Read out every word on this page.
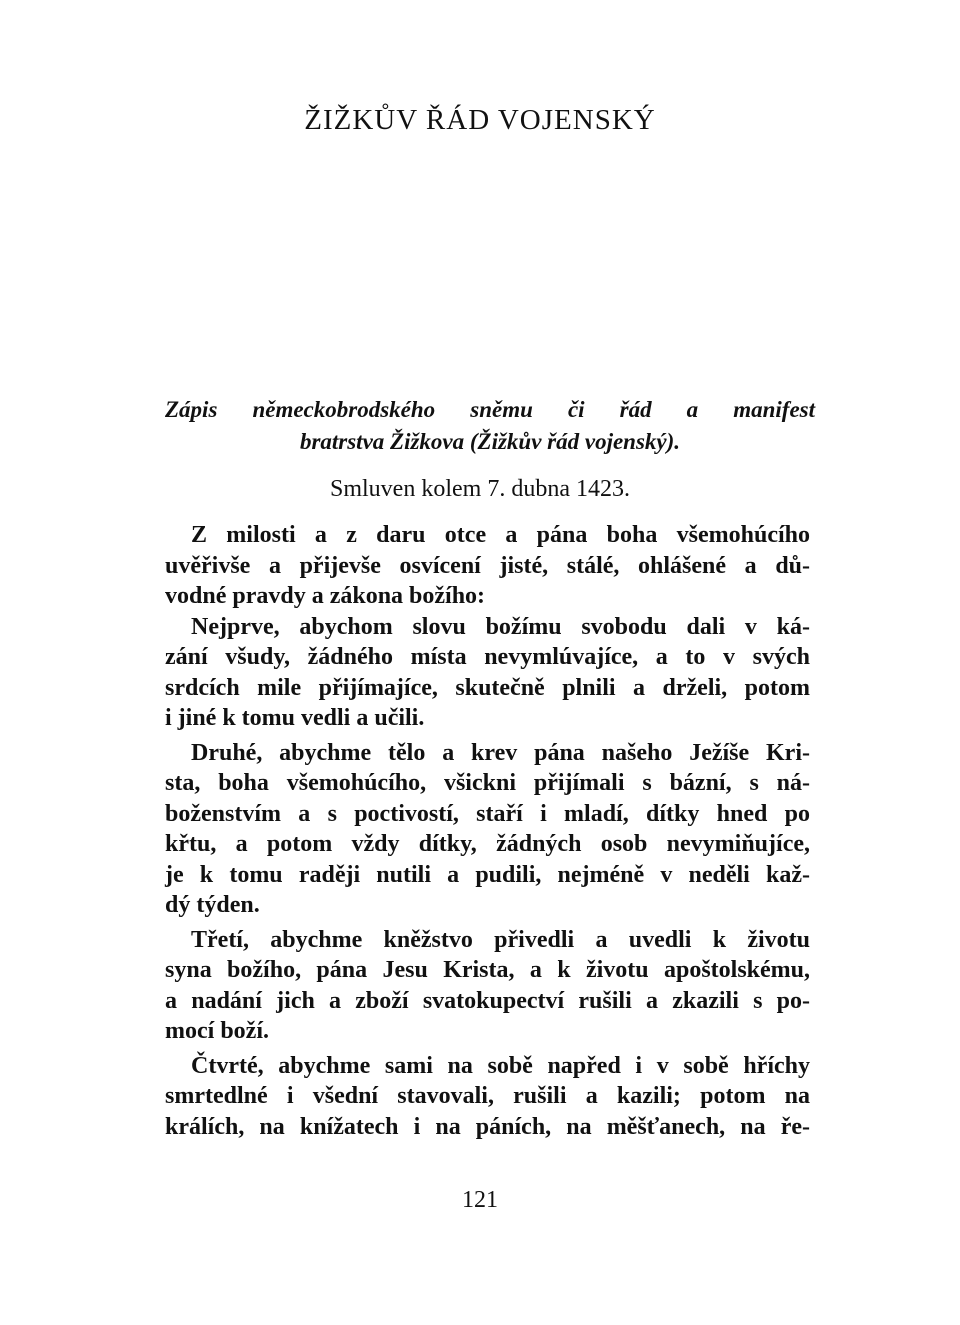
ŽIŽKŮV ŘÁD VOJENSKÝ
Zápis německobrodského sněmu či řád a manifest
bratrstva Žižkova (Žižkův řád vojenský).
Smluven kolem 7. dubna 1423.
Z milosti a z daru otce a pána boha všemohúcího
uvěřivše a přijevše osvícení jisté, stálé, ohlášené a dů-
vodné pravdy a zákona božího:
Nejprve, abychom slovu božímu svobodu dali v ká-
zání všudy, žádného místa nevymlúvajíce, a to v svých
srdcích mile přijímajíce, skutečně plnili a drželi, potom
i jiné k tomu vedli a učili.
Druhé, abychme tělo a krev pána našeho Ježíše Kri-
sta, boha všemohúcího, všickni přijímali s bázní, s ná-
boženstvím a s poctivostí, staří i mladí, dítky hned po
křtu, a potom vždy dítky, žádných osob nevymiňujíce,
je k tomu raději nutili a pudili, nejméně v neděli kaž-
dý týden.
Třetí, abychme kněžstvo přivedli a uvedli k životu
syna božího, pána Jesu Krista, a k životu apoštolskému,
a nadání jich a zboží svatokupectví rušili a zkazili s po-
mocí boží.
Čtvrté, abychme sami na sobě napřed i v sobě hříchy
smrtedlné i všední stavovali, rušili a kazili; potom na
králích, na knížatech i na páních, na měšťanech, na ře-
121
